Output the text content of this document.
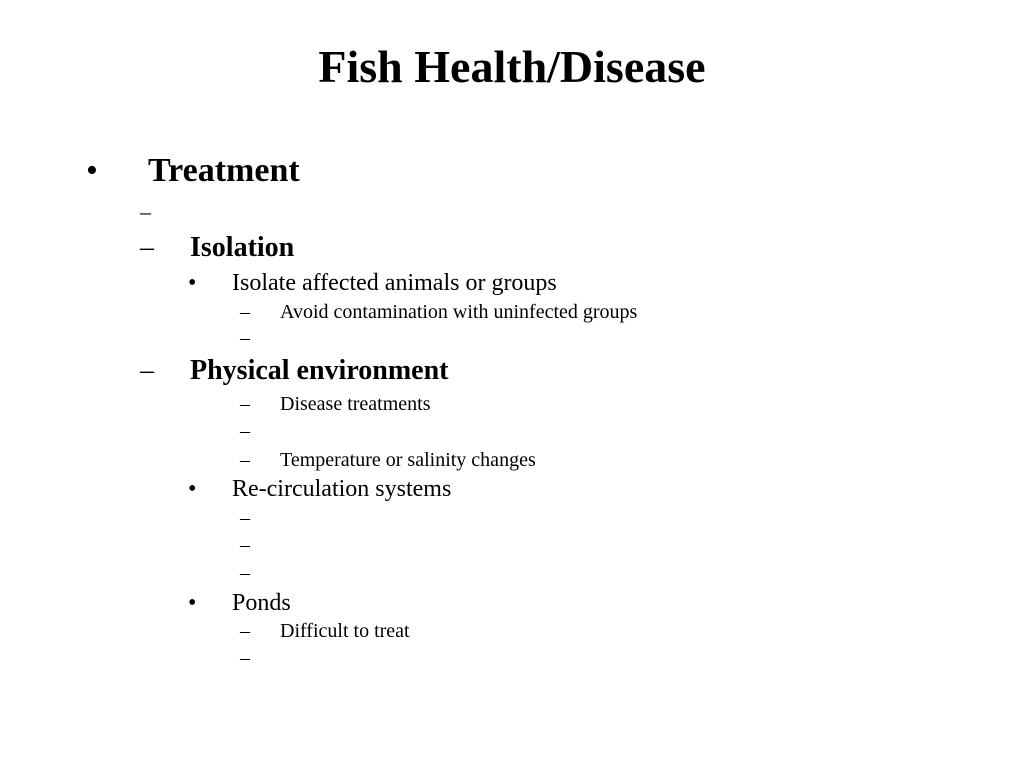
Fish Health/Disease
• Treatment
–
– Isolation
• Isolate affected animals or groups
– Avoid contamination with uninfected groups
–
– Physical environment
– Disease treatments
–
– Temperature or salinity changes
• Re-circulation systems
–
–
–
• Ponds
– Difficult to treat
–
